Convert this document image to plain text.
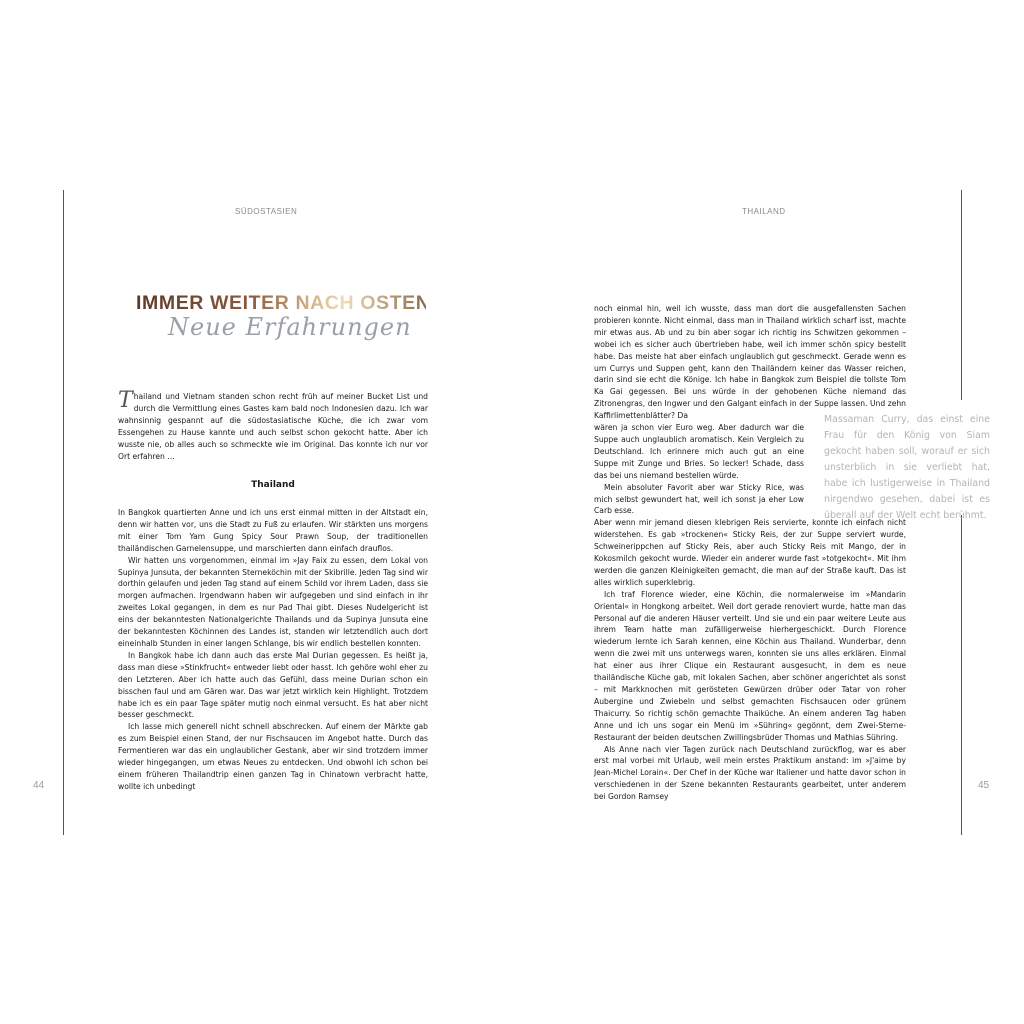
SÜDOSTASIEN	THAILAND
44	45
IMMER WEITER NACH OSTEN
Neue Erfahrungen
Thailand und Vietnam standen schon recht früh auf meiner Bucket List und durch die Vermittlung eines Gastes kam bald noch Indonesien dazu. Ich war wahnsinnig gespannt auf die südostasiatische Küche, die ich zwar vom Essengehen zu Hause kannte und auch selbst schon gekocht hatte. Aber ich wusste nie, ob alles auch so schmeckte wie im Original. Das konnte ich nur vor Ort erfahren …
Thailand

In Bangkok quartierten Anne und ich uns erst einmal mitten in der Altstadt ein, denn wir hatten vor, uns die Stadt zu Fuß zu erlaufen. Wir stärkten uns morgens mit einer Tom Yam Gung Spicy Sour Prawn Soup, der traditionellen thailändischen Garnelensuppe, und marschierten dann einfach drauflos.

Wir hatten uns vorgenommen, einmal im »Jay Faix zu essen, dem Lokal von Supinya Junsuta, der bekannten Sterneköchin mit der Skibrille. Jeden Tag sind wir dorthin gelaufen und jeden Tag stand auf einem Schild vor ihrem Laden, dass sie morgen aufmachen. Irgendwann haben wir aufgegeben und sind einfach in ihr zweites Lokal gegangen, in dem es nur Pad Thai gibt. Dieses Nudelgericht ist eins der bekanntesten Nationalgerichte Thailands und da Supinya Junsuta eine der bekanntesten Köchinnen des Landes ist, standen wir letztendlich auch dort eineinhalb Stunden in einer langen Schlange, bis wir endlich bestellen konnten.

In Bangkok habe ich dann auch das erste Mal Durian gegessen. Es heißt ja, dass man diese »Stinkfrucht« entweder liebt oder hasst. Ich gehöre wohl eher zu den Letzteren. Aber ich hatte auch das Gefühl, dass meine Durian schon ein bisschen faul und am Gären war. Das war jetzt wirklich kein Highlight. Trotzdem habe ich es ein paar Tage später mutig noch einmal versucht. Es hat aber nicht besser geschmeckt.

Ich lasse mich generell nicht schnell abschrecken. Auf einem der Märkte gab es zum Beispiel einen Stand, der nur Fischsaucen im Angebot hatte. Durch das Fermentieren war das ein unglaublicher Gestank, aber wir sind trotzdem immer wieder hingegangen, um etwas Neues zu entdecken. Und obwohl ich schon bei einem früheren Thailandtrip einen ganzen Tag in Chinatown verbracht hatte, wollte ich unbedingt

noch einmal hin, weil ich wusste, dass man dort die ausgefallensten Sachen probieren konnte. Nicht einmal, dass man in Thailand wirklich scharf isst, machte mir etwas aus. Ab und zu bin aber sogar ich richtig ins Schwitzen gekommen – wobei ich es sicher auch übertrieben habe, weil ich immer schön spicy bestellt habe. Das meiste hat aber einfach unglaublich gut geschmeckt. Gerade wenn es um Currys und Suppen geht, kann den Thailändern keiner das Wasser reichen, darin sind sie echt die Könige. Ich habe in Bangkok zum Beispiel die tollste Tom Ka Gai gegessen. Bei uns würde in der gehobenen Küche niemand das Zitronengras, den Ingwer und den Galgant einfach in der Suppe lassen. Und zehn Kaffirlimettenblätter? Da

wären ja schon vier Euro weg. Aber dadurch war die Suppe auch unglaublich aromatisch. Kein Vergleich zu Deutschland. Ich erinnere mich auch gut an eine Suppe mit Zunge und Bries. So lecker! Schade, dass das bei uns niemand bestellen würde.

Mein absoluter Favorit aber war Sticky Rice, was mich selbst gewundert hat, weil ich sonst ja eher Low Carb esse.

Aber wenn mir jemand diesen klebrigen Reis servierte, konnte ich einfach nicht widerstehen. Es gab »trockenen« Sticky Reis, der zur Suppe serviert wurde, Schweinerippchen auf Sticky Reis, aber auch Sticky Reis mit Mango, der in Kokosmilch gekocht wurde. Wieder ein anderer wurde fast »totgekocht«. Mit ihm werden die ganzen Kleinigkeiten gemacht, die man auf der Straße kauft. Das ist alles wirklich superklebrig.

Ich traf Florence wieder, eine Köchin, die normalerweise im »Mandarin Oriental« in Hongkong arbeitet. Weil dort gerade renoviert wurde, hatte man das Personal auf die anderen Häuser verteilt. Und sie und ein paar weitere Leute aus ihrem Team hatte man zufälligerweise hierhergeschickt. Durch Florence wiederum lernte ich Sarah kennen, eine Köchin aus Thailand. Wunderbar, denn wenn die zwei mit uns unterwegs waren, konnten sie uns alles erklären. Einmal hat einer aus ihrer Clique ein Restaurant ausgesucht, in dem es neue thailändische Küche gab, mit lokalen Sachen, aber schöner angerichtet als sonst – mit Markknochen mit gerösteten Gewürzen drüber oder Tatar von roher Aubergine und Zwiebeln und selbst gemachten Fischsaucen oder grünem Thaicurry. So richtig schön gemachte Thaiküche. An einem anderen Tag haben Anne und ich uns sogar ein Menü im »Sühring« gegönnt, dem Zwei-Sterne-Restaurant der beiden deutschen Zwillingsbrüder Thomas und Mathias Sühring.

Als Anne nach vier Tagen zurück nach Deutschland zurückflog, war es aber erst mal vorbei mit Urlaub, weil mein erstes Praktikum anstand: im »J'aime by Jean-Michel Lorain«. Der Chef in der Küche war Italiener und hatte davor schon in verschiedenen in der Szene bekannten Restaurants gearbeitet, unter anderem bei Gordon Ramsey

Massaman Curry, das einst eine Frau für den König von Siam gekocht haben soll, worauf er sich unsterblich in sie verliebt hat, habe ich lustigerweise in Thailand nirgendwo gesehen, dabei ist es überall auf der Welt echt berühmt.
